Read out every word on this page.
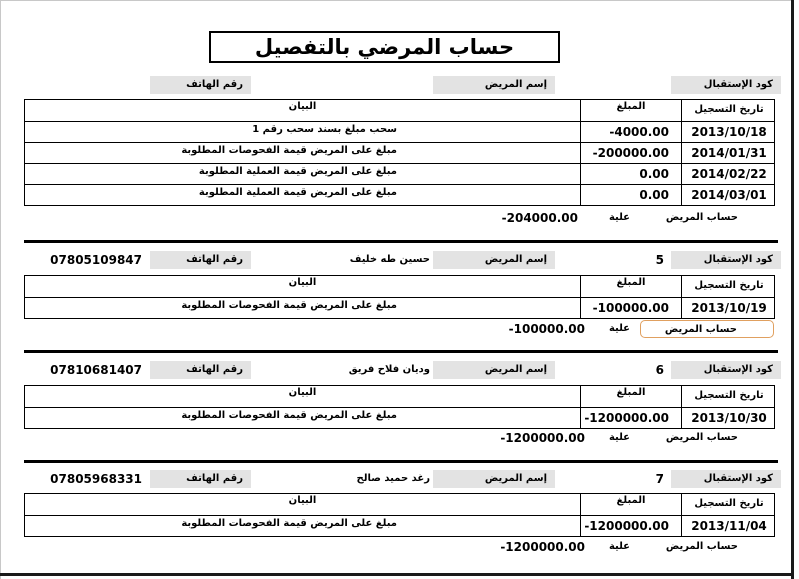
حساب المرضي بالتفصيل
كود الإستقبال
إسم المريض
رقم الهاتف
تاريخ التسجيل
المبلغ
البيان
2013/10/18
-4000.00
سحب مبلغ بسند سحب رقم 1
2014/01/31
-200000.00
مبلغ على المريض قيمة الفحوصات المطلوبة
2014/02/22
0.00
مبلغ على المريض قيمة العملية المطلوبة
2014/03/01
0.00
مبلغ على المريض قيمة العملية المطلوبة
حساب المريض
علية
-204000.00
كود الإستقبال
5
إسم المريض
حسين طه خليف
رقم الهاتف
07805109847
تاريخ التسجيل
المبلغ
البيان
2013/10/19
-100000.00
مبلغ على المريض قيمة الفحوصات المطلوبة
حساب المريض
علية
-100000.00
كود الإستقبال
6
إسم المريض
وديان فلاح فريق
رقم الهاتف
07810681407
تاريخ التسجيل
المبلغ
البيان
2013/10/30
-1200000.00
مبلغ على المريض قيمة الفحوصات المطلوبة
حساب المريض
علية
-1200000.00
كود الإستقبال
7
إسم المريض
رغد حميد صالح
رقم الهاتف
07805968331
تاريخ التسجيل
المبلغ
البيان
2013/11/04
-1200000.00
مبلغ على المريض قيمة الفحوصات المطلوبة
حساب المريض
علية
-1200000.00
